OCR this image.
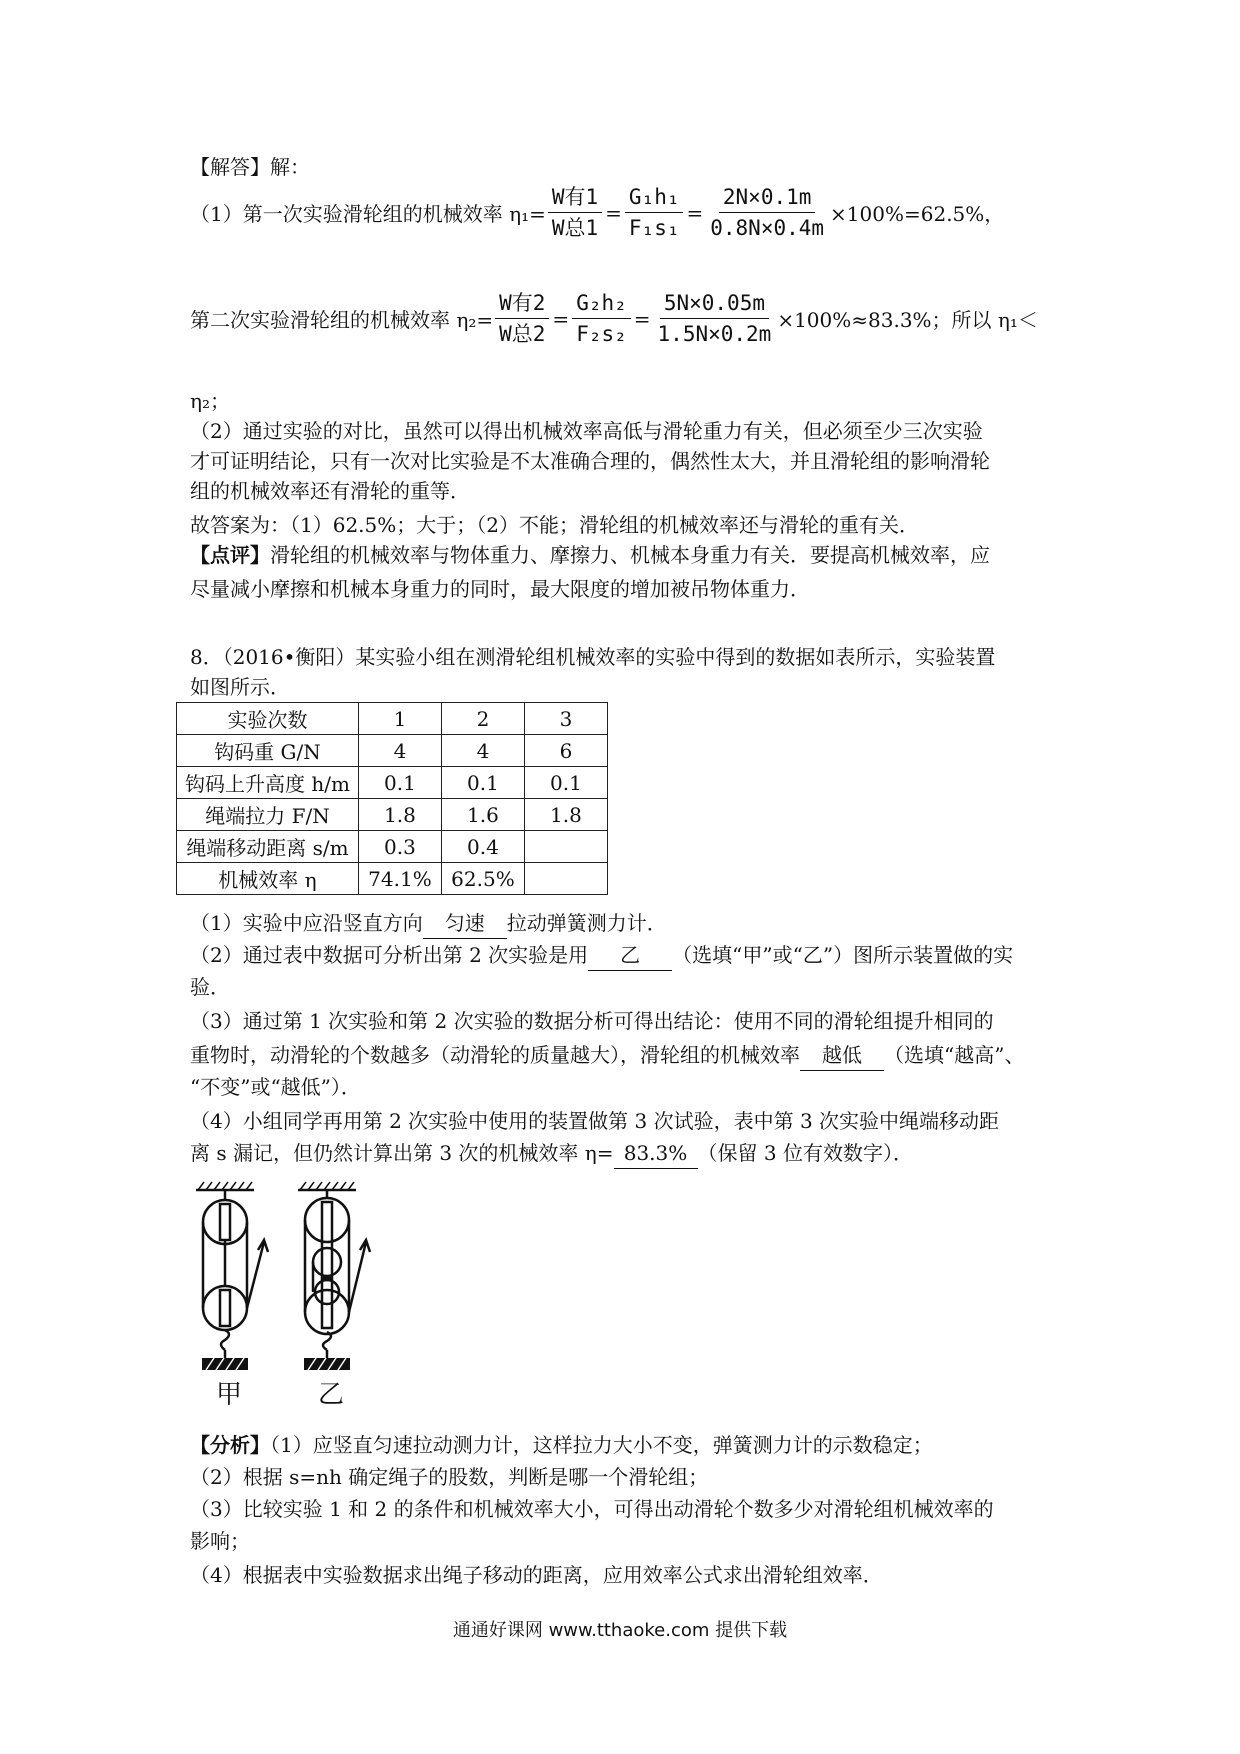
【解答】解：
（1）第一次实验滑轮组的机械效率 $\eta_1= \frac{\text{W有1}}{\text{W总1}} = \frac{\text{G₁h₁}}{\text{F₁s₁}} = \frac{2N\times 0.1m}{0.8N\times 0.4m} \times 100\%=62.5\%$，
第二次实验滑轮组的机械效率 $\eta_2= \frac{\text{W有2}}{\text{W总2}} = \frac{\text{G₂h₂}}{\text{F₂s₂}} = \frac{5N\times 0.05m}{1.5N\times 0.2m} \times 100\%\approx 83.3\%$；所以 η₁＜
η₂；
（2）通过实验的对比，虽然可以得出机械效率高低与滑轮重力有关，但必须至少三次实验
才可证明结论，只有一次对比实验是不太准确合理的，偶然性太大，并且滑轮组的影响滑轮
组的机械效率还有滑轮的重等．
故答案为：（1）62.5%；大于；（2）不能；滑轮组的机械效率还与滑轮的重有关．
【点评】滑轮组的机械效率与物体重力、摩擦力、机械本身重力有关．要提高机械效率，应
尽量减小摩擦和机械本身重力的同时，最大限度的增加被吊物体重力．
8．（2016•衡阳）某实验小组在测滑轮组机械效率的实验中得到的数据如表所示，实验装置
如图所示．
实验次数	1	2	3
钩码重 G/N	4	4	6
钩码上升高度 h/m	0.1	0.1	0.1
绳端拉力 F/N	1.8	1.6	1.8
绳端移动距离 s/m	0.3	0.4	
机械效率 η	74.1%	62.5%	
（1）实验中应沿竖直方向 匀速 拉动弹簧测力计．
（2）通过表中数据可分析出第 2 次实验是用 乙 （选填“甲”或“乙”）图所示装置做的实
验．
（3）通过第 1 次实验和第 2 次实验的数据分析可得出结论：使用不同的滑轮组提升相同的
重物时，动滑轮的个数越多（动滑轮的质量越大），滑轮组的机械效率 越低 （选填“越高”、
“不变”或“越低”）．
（4）小组同学再用第 2 次实验中使用的装置做第 3 次试验，表中第 3 次实验中绳端移动距
离 s 漏记，但仍然计算出第 3 次的机械效率 η= 83.3% （保留 3 位有效数字）．
甲	乙
【分析】（1）应竖直匀速拉动测力计，这样拉力大小不变，弹簧测力计的示数稳定；
（2）根据 s=nh 确定绳子的股数，判断是哪一个滑轮组；
（3）比较实验 1 和 2 的条件和机械效率大小，可得出动滑轮个数多少对滑轮组机械效率的
影响；
（4）根据表中实验数据求出绳子移动的距离，应用效率公式求出滑轮组效率．
通通好课网 www.tthaoke.com 提供下载
